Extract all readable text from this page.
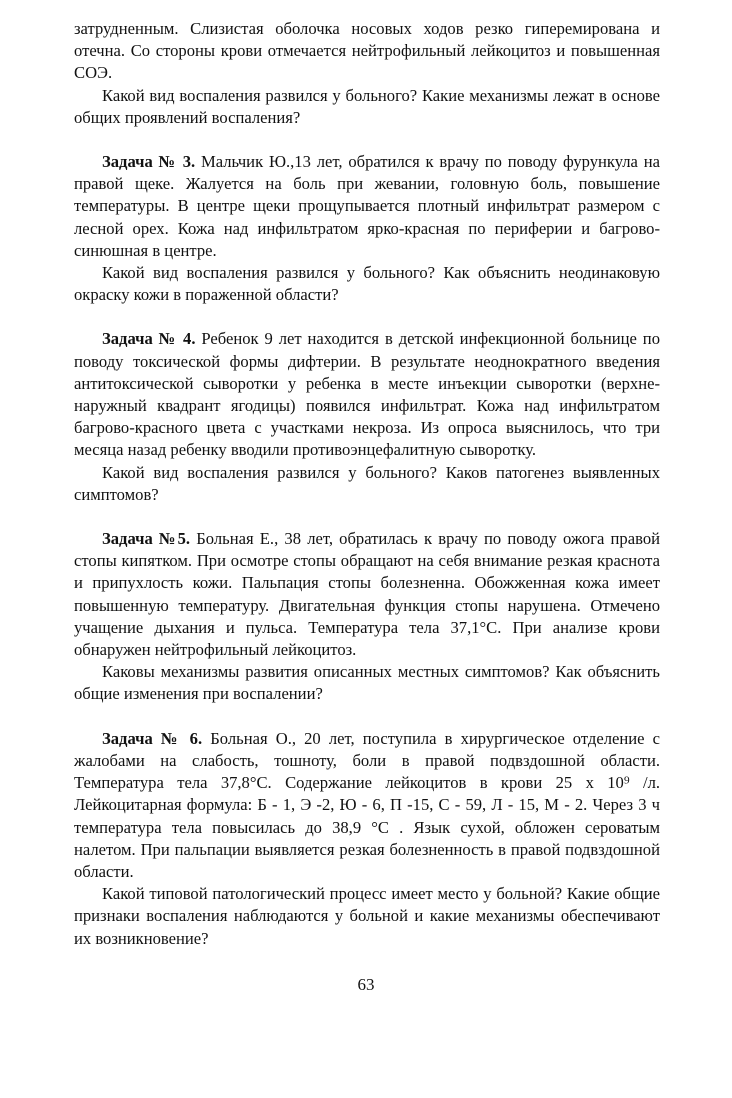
затрудненным. Слизистая оболочка носовых ходов резко гиперемирована и отечна. Со стороны крови отмечается нейтрофильный лейкоцитоз и повышенная СОЭ.

Какой вид воспаления развился у больного? Какие механизмы лежат в основе общих проявлений воспаления?

Задача № 3. Мальчик Ю.,13 лет, обратился к врачу по поводу фурункула на правой щеке. Жалуется на боль при жевании, головную боль, повышение температуры. В центре щеки прощупывается плотный инфильтрат размером с лесной орех. Кожа над инфильтратом ярко-красная по периферии и багрово-синюшная в центре.

Какой вид воспаления развился у больного? Как объяснить неодинаковую окраску кожи в пораженной области?

Задача № 4. Ребенок 9 лет находится в детской инфекционной больнице по поводу токсической формы дифтерии. В результате неоднократного введения антитоксической сыворотки у ребенка в месте инъекции сыворотки (верхне-наружный квадрант ягодицы) появился инфильтрат. Кожа над инфильтратом багрово-красного цвета с участками некроза. Из опроса выяснилось, что три месяца назад ребенку вводили противоэнцефалитную сыворотку.

Какой вид воспаления развился у больного? Каков патогенез выявленных симптомов?

Задача №5. Больная Е., 38 лет, обратилась к врачу по поводу ожога правой стопы кипятком. При осмотре стопы обращают на себя внимание резкая краснота и припухлость кожи. Пальпация стопы болезненна. Обожженная кожа имеет повышенную температуру. Двигательная функция стопы нарушена. Отмечено учащение дыхания и пульса. Температура тела 37,1°С. При анализе крови обнаружен нейтрофильный лейкоцитоз.

Каковы механизмы развития описанных местных симптомов? Как объяснить общие изменения при воспалении?

Задача № 6. Больная О., 20 лет, поступила в хирургическое отделение с жалобами на слабость, тошноту, боли в правой подвздошной области. Температура тела 37,8°С. Содержание лейкоцитов в крови 25 х 10⁹ /л. Лейкоцитарная формула: Б - 1, Э -2, Ю - 6, П -15, С - 59, Л - 15, М - 2. Через 3 ч температура тела повысилась до 38,9 °С . Язык сухой, обложен сероватым налетом. При пальпации выявляется резкая болезненность в правой подвздошной области.

Какой типовой патологический процесс имеет место у больной? Какие общие признаки воспаления наблюдаются у больной и какие механизмы обеспечивают их возникновение?

63
